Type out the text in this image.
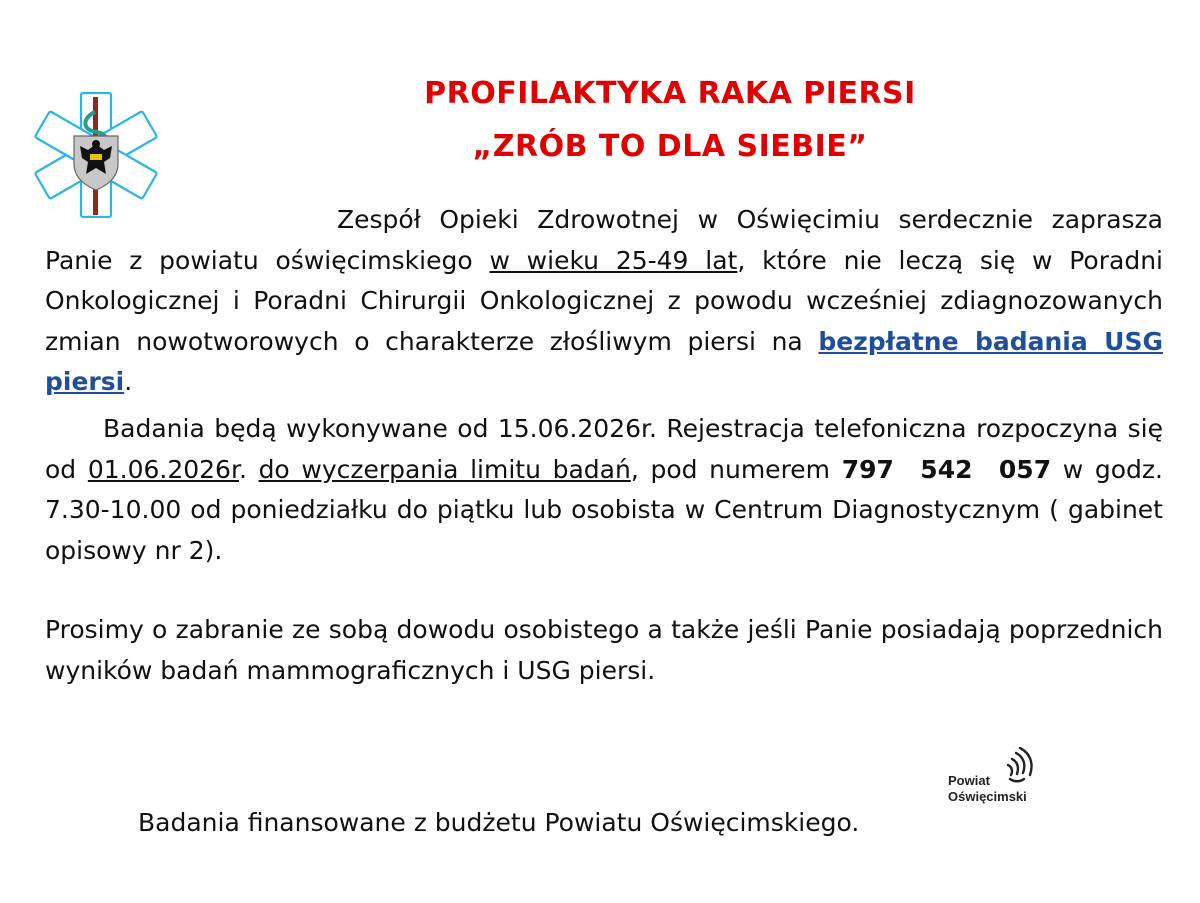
PROFILAKTYKA RAKA PIERSI
„ZRÓB TO DLA SIEBIE”
Zespół Opieki Zdrowotnej w Oświęcimiu serdecznie zaprasza Panie z powiatu oświęcimskiego w wieku 25-49 lat, które nie leczą się w Poradni Onkologicznej i Poradni Chirurgii Onkologicznej z powodu wcześniej zdiagnozowanych zmian nowotworowych o charakterze złośliwym piersi na bezpłatne badania USG piersi.
Badania będą wykonywane od 15.06.2026r. Rejestracja telefoniczna rozpoczyna się od 01.06.2026r. do wyczerpania limitu badań, pod numerem 797 542 057 w godz. 7.30-10.00 od poniedziałku do piątku lub osobista w Centrum Diagnostycznym ( gabinet opisowy nr 2).
Prosimy o zabranie ze sobą dowodu osobistego a także jeśli Panie posiadają poprzednich wyników badań mammograficznych i USG piersi.
Badania finansowane z budżetu Powiatu Oświęcimskiego.
Powiat
Oświęcimski
